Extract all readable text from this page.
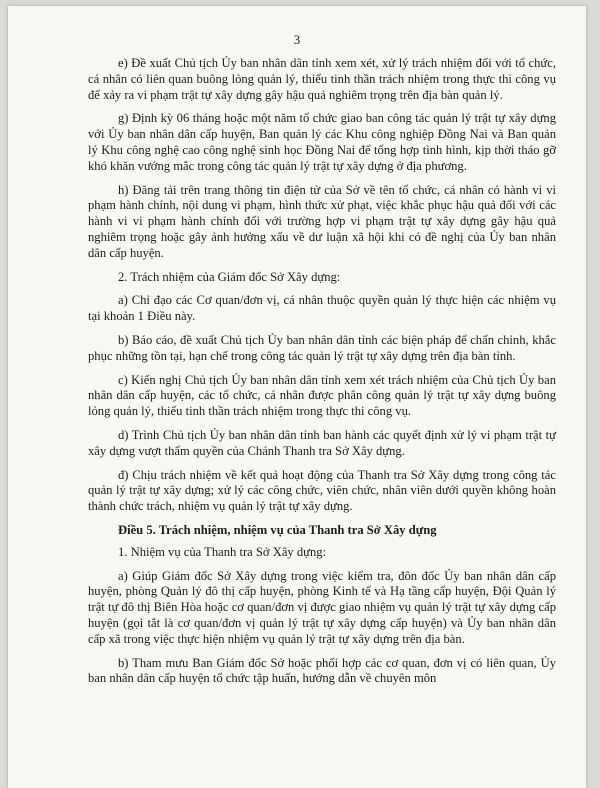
3

e) Đề xuất Chủ tịch Ủy ban nhân dân tỉnh xem xét, xử lý trách nhiệm đối với tổ chức, cá nhân có liên quan buông lỏng quản lý, thiếu tinh thần trách nhiệm trong thực thi công vụ để xảy ra vi phạm trật tự xây dựng gây hậu quả nghiêm trọng trên địa bàn quản lý.

g) Định kỳ 06 tháng hoặc một năm tổ chức giao ban công tác quản lý trật tự xây dựng với Ủy ban nhân dân cấp huyện, Ban quản lý các Khu công nghiệp Đồng Nai và Ban quản lý Khu công nghệ cao công nghệ sinh học Đồng Nai để tổng hợp tình hình, kịp thời tháo gỡ khó khăn vướng mắc trong công tác quản lý trật tự xây dựng ở địa phương.

h) Đăng tải trên trang thông tin điện tử của Sở về tên tổ chức, cá nhân có hành vi vi phạm hành chính, nội dung vi phạm, hình thức xử phạt, việc khắc phục hậu quả đối với các hành vi vi phạm hành chính đối với trường hợp vi phạm trật tự xây dựng gây hậu quả nghiêm trọng hoặc gây ảnh hưởng xấu về dư luận xã hội khi có đề nghị của Ủy ban nhân dân cấp huyện.

2. Trách nhiệm của Giám đốc Sở Xây dựng:

a) Chỉ đạo các Cơ quan/đơn vị, cá nhân thuộc quyền quản lý thực hiện các nhiệm vụ tại khoản 1 Điều này.

b) Báo cáo, đề xuất Chủ tịch Ủy ban nhân dân tỉnh các biện pháp để chấn chỉnh, khắc phục những tồn tại, hạn chế trong công tác quản lý trật tự xây dựng trên địa bàn tỉnh.

c) Kiến nghị Chủ tịch Ủy ban nhân dân tỉnh xem xét trách nhiệm của Chủ tịch Ủy ban nhân dân cấp huyện, các tổ chức, cá nhân được phân công quản lý trật tự xây dựng buông lỏng quản lý, thiếu tinh thần trách nhiệm trong thực thi công vụ.

d) Trình Chủ tịch Ủy ban nhân dân tỉnh ban hành các quyết định xử lý vi phạm trật tự xây dựng vượt thẩm quyền của Chánh Thanh tra Sở Xây dựng.

đ) Chịu trách nhiệm về kết quả hoạt động của Thanh tra Sở Xây dựng trong công tác quản lý trật tự xây dựng; xử lý các công chức, viên chức, nhân viên dưới quyền không hoàn thành chức trách, nhiệm vụ quản lý trật tự xây dựng.

Điều 5. Trách nhiệm, nhiệm vụ của Thanh tra Sở Xây dựng

1. Nhiệm vụ của Thanh tra Sở Xây dựng:

a) Giúp Giám đốc Sở Xây dựng trong việc kiểm tra, đôn đốc Ủy ban nhân dân cấp huyện, phòng Quản lý đô thị cấp huyện, phòng Kinh tế và Hạ tầng cấp huyện, Đội Quản lý trật tự đô thị Biên Hòa hoặc cơ quan/đơn vị được giao nhiệm vụ quản lý trật tự xây dựng cấp huyện (gọi tắt là cơ quan/đơn vị quản lý trật tự xây dựng cấp huyện) và Ủy ban nhân dân cấp xã trong việc thực hiện nhiệm vụ quản lý trật tự xây dựng trên địa bàn.

b) Tham mưu Ban Giám đốc Sở hoặc phối hợp các cơ quan, đơn vị có liên quan, Ủy ban nhân dân cấp huyện tổ chức tập huấn, hướng dẫn về chuyên môn
